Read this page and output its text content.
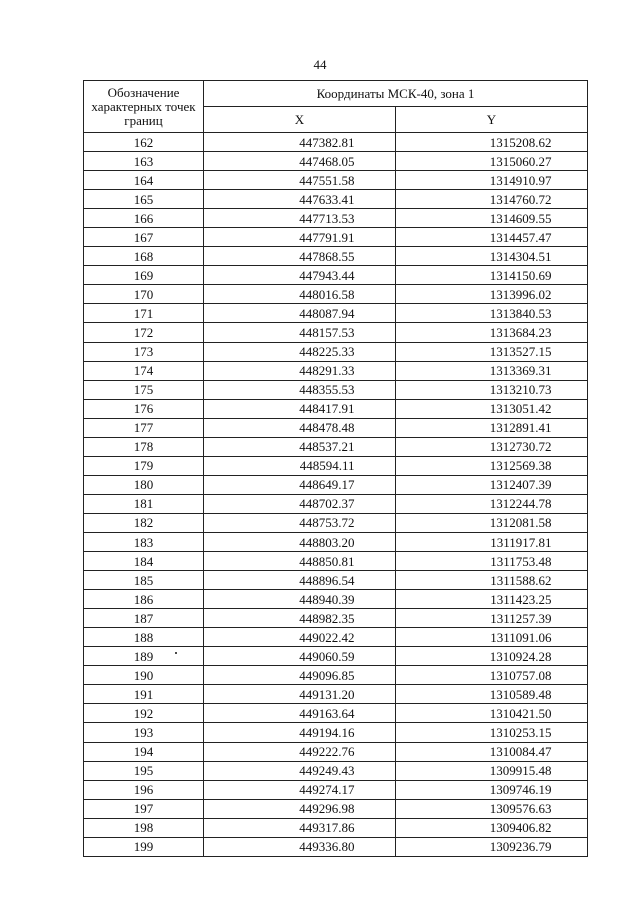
44
Обозначение характерных точек границ	Координаты МСК-40, зона 1	
	X	Y
162	447382.81	1315208.62
163	447468.05	1315060.27
164	447551.58	1314910.97
165	447633.41	1314760.72
166	447713.53	1314609.55
167	447791.91	1314457.47
168	447868.55	1314304.51
169	447943.44	1314150.69
170	448016.58	1313996.02
171	448087.94	1313840.53
172	448157.53	1313684.23
173	448225.33	1313527.15
174	448291.33	1313369.31
175	448355.53	1313210.73
176	448417.91	1313051.42
177	448478.48	1312891.41
178	448537.21	1312730.72
179	448594.11	1312569.38
180	448649.17	1312407.39
181	448702.37	1312244.78
182	448753.72	1312081.58
183	448803.20	1311917.81
184	448850.81	1311753.48
185	448896.54	1311588.62
186	448940.39	1311423.25
187	448982.35	1311257.39
188	449022.42	1311091.06
189	449060.59	1310924.28
190	449096.85	1310757.08
191	449131.20	1310589.48
192	449163.64	1310421.50
193	449194.16	1310253.15
194	449222.76	1310084.47
195	449249.43	1309915.48
196	449274.17	1309746.19
197	449296.98	1309576.63
198	449317.86	1309406.82
199	449336.80	1309236.79
